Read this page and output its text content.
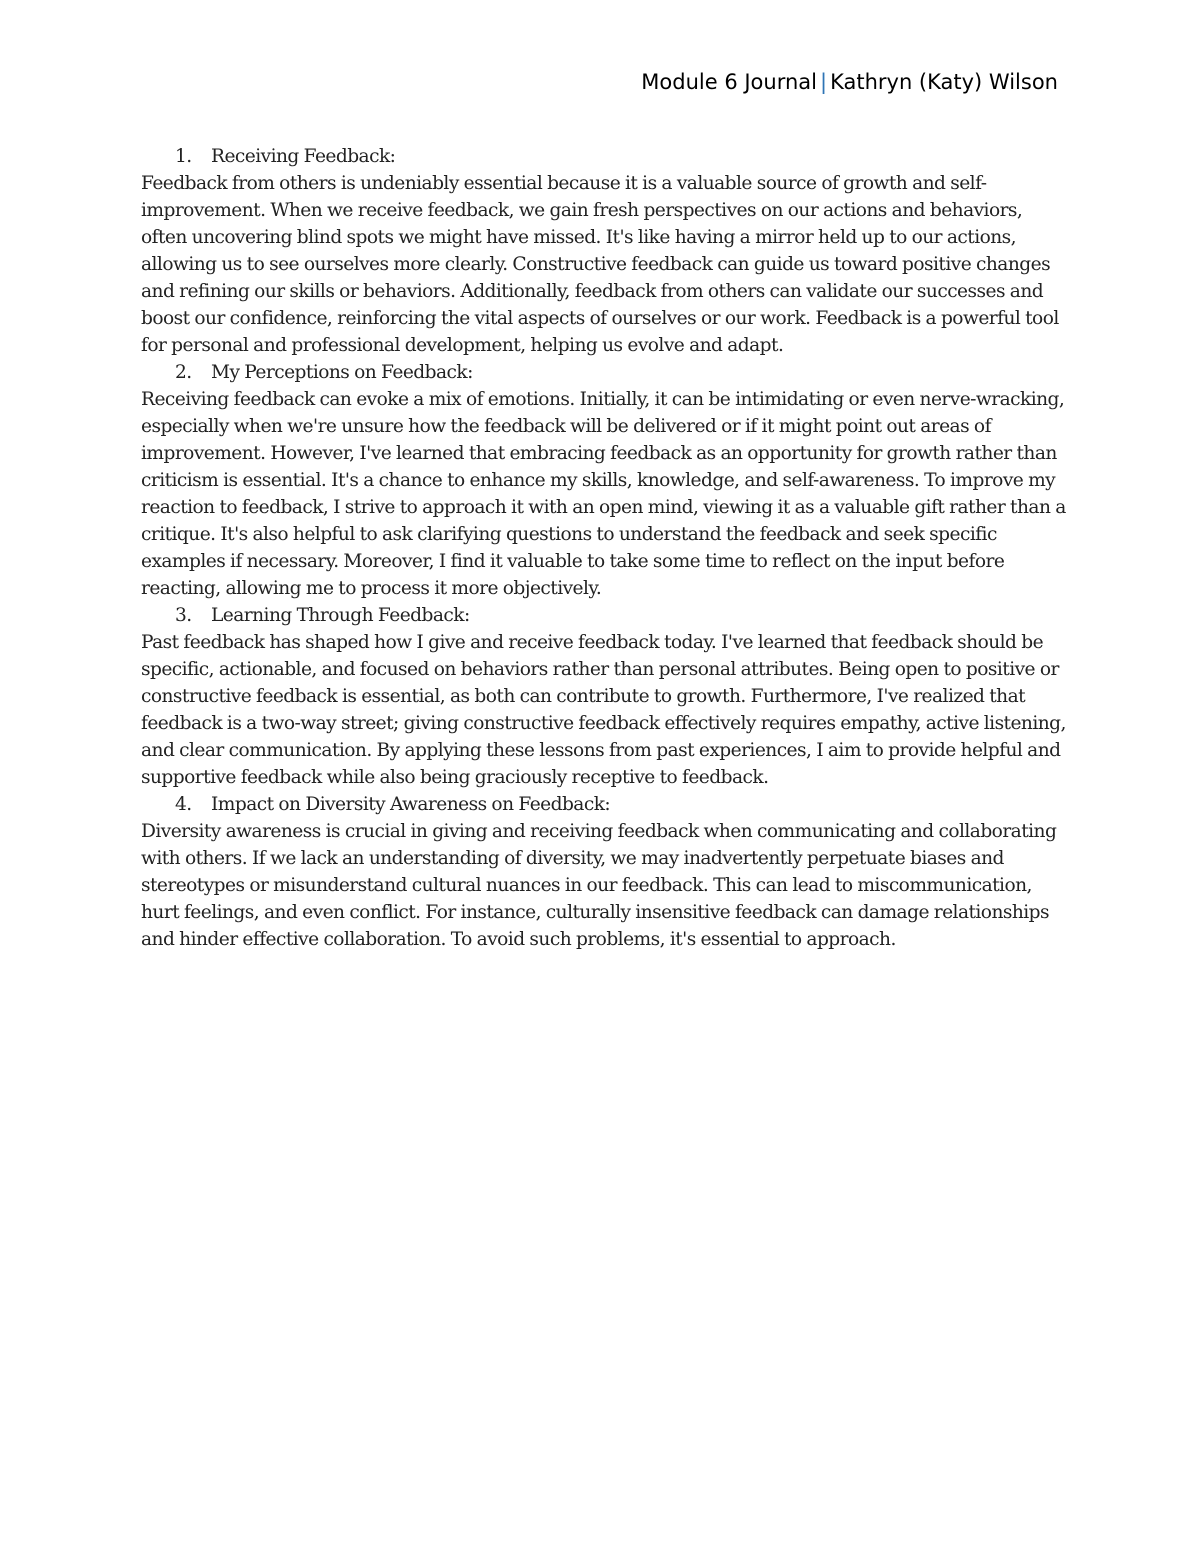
Module 6 Journal | Kathryn (Katy) Wilson
1.	Receiving Feedback:

Feedback from others is undeniably essential because it is a valuable source of growth and self-improvement. When we receive feedback, we gain fresh perspectives on our actions and behaviors, often uncovering blind spots we might have missed. It's like having a mirror held up to our actions, allowing us to see ourselves more clearly. Constructive feedback can guide us toward positive changes and refining our skills or behaviors. Additionally, feedback from others can validate our successes and boost our confidence, reinforcing the vital aspects of ourselves or our work. Feedback is a powerful tool for personal and professional development, helping us evolve and adapt.

2.	My Perceptions on Feedback:

Receiving feedback can evoke a mix of emotions. Initially, it can be intimidating or even nerve-wracking, especially when we're unsure how the feedback will be delivered or if it might point out areas of improvement. However, I've learned that embracing feedback as an opportunity for growth rather than criticism is essential. It's a chance to enhance my skills, knowledge, and self-awareness. To improve my reaction to feedback, I strive to approach it with an open mind, viewing it as a valuable gift rather than a critique. It's also helpful to ask clarifying questions to understand the feedback and seek specific examples if necessary. Moreover, I find it valuable to take some time to reflect on the input before reacting, allowing me to process it more objectively.

3.	Learning Through Feedback:

Past feedback has shaped how I give and receive feedback today. I've learned that feedback should be specific, actionable, and focused on behaviors rather than personal attributes. Being open to positive or constructive feedback is essential, as both can contribute to growth. Furthermore, I've realized that feedback is a two-way street; giving constructive feedback effectively requires empathy, active listening, and clear communication. By applying these lessons from past experiences, I aim to provide helpful and supportive feedback while also being graciously receptive to feedback.

4.	Impact on Diversity Awareness on Feedback:

Diversity awareness is crucial in giving and receiving feedback when communicating and collaborating with others. If we lack an understanding of diversity, we may inadvertently perpetuate biases and stereotypes or misunderstand cultural nuances in our feedback. This can lead to miscommunication, hurt feelings, and even conflict. For instance, culturally insensitive feedback can damage relationships and hinder effective collaboration. To avoid such problems, it's essential to approach.
